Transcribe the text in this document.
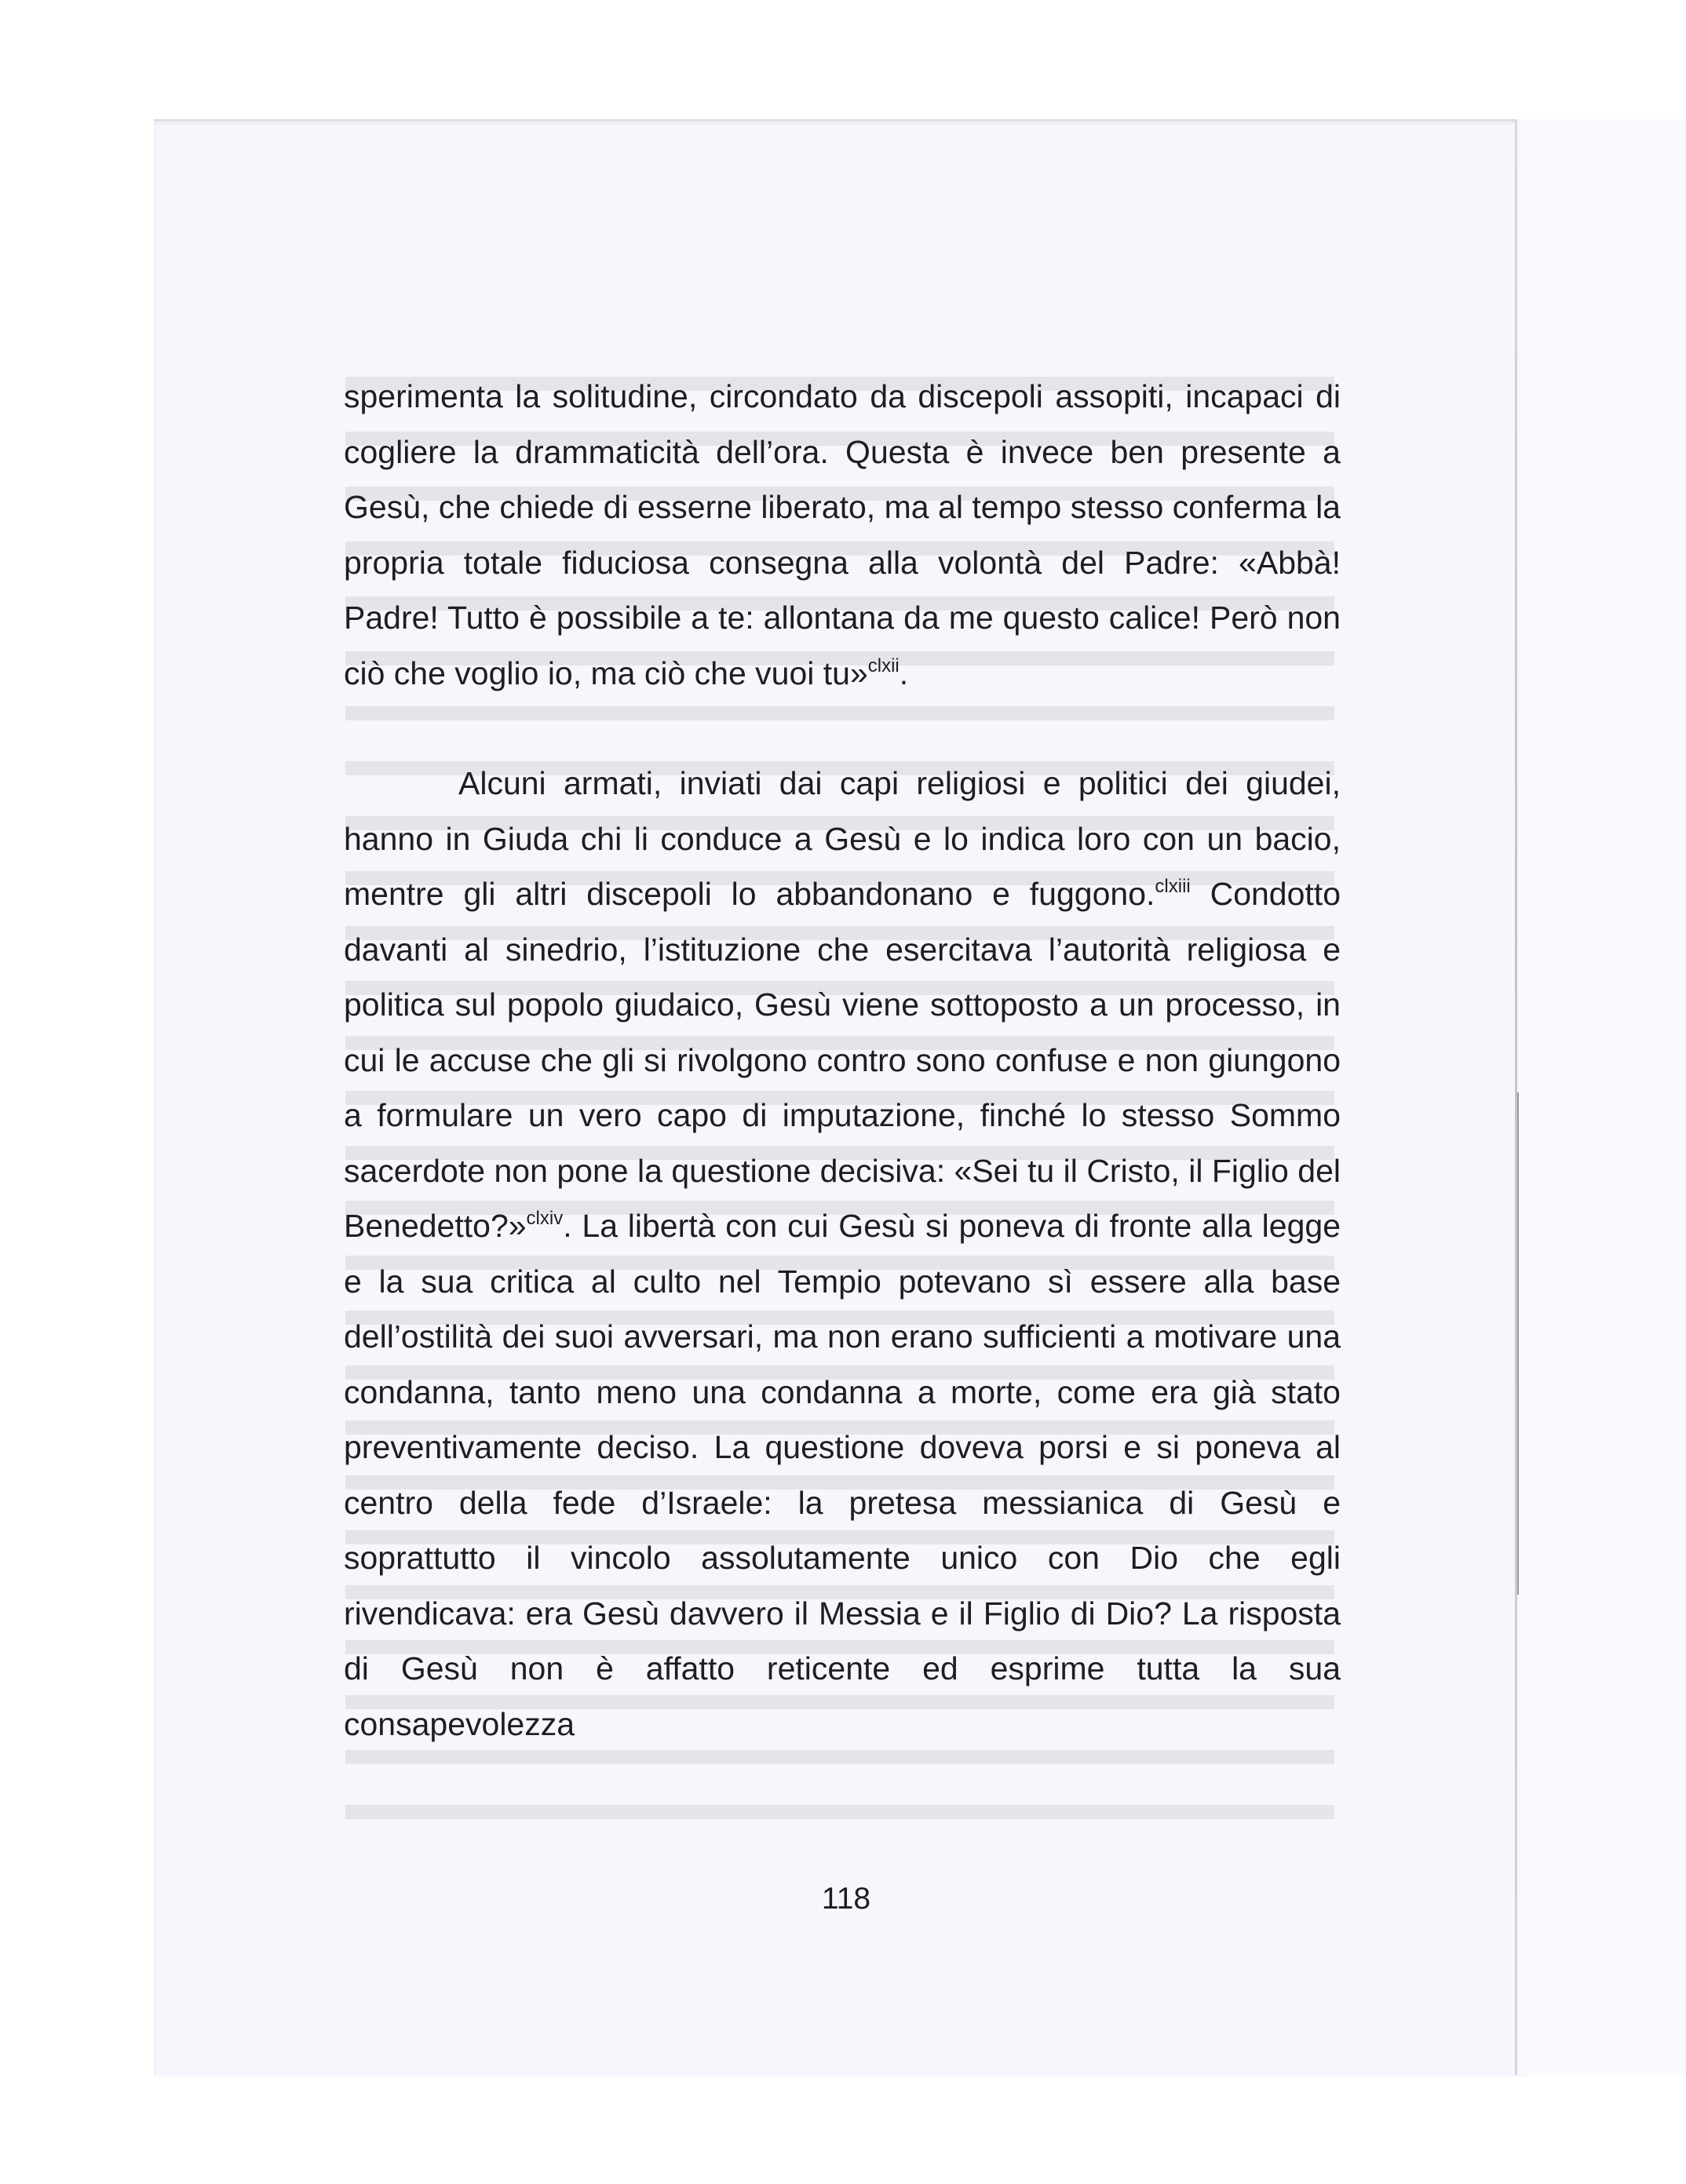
sperimenta la solitudine, circondato da discepoli assopiti, incapaci di cogliere la drammaticità dell’ora. Questa è invece ben presente a Gesù, che chiede di esserne liberato, ma al tempo stesso conferma la propria totale fiduciosa consegna alla volontà del Padre: «Abbà! Padre! Tutto è possibile a te: allontana da me questo calice! Però non ciò che voglio io, ma ciò che vuoi tu»$^{clxii}$.

Alcuni armati, inviati dai capi religiosi e politici dei giudei, hanno in Giuda chi li conduce a Gesù e lo indica loro con un bacio, mentre gli altri discepoli lo abbandonano e fuggono.$^{clxiii}$ Condotto davanti al sinedrio, l’istituzione che esercitava l’autorità religiosa e politica sul popolo giudaico, Gesù viene sottoposto a un processo, in cui le accuse che gli si rivolgono contro sono confuse e non giungono a formulare un vero capo di imputazione, finché lo stesso Sommo sacerdote non pone la questione decisiva: «Sei tu il Cristo, il Figlio del Benedetto?»$^{clxiv}$. La libertà con cui Gesù si poneva di fronte alla legge e la sua critica al culto nel Tempio potevano sì essere alla base dell’ostilità dei suoi avversari, ma non erano sufficienti a motivare una condanna, tanto meno una condanna a morte, come era già stato preventivamente deciso. La questione doveva porsi e si poneva al centro della fede d’Israele: la pretesa messianica di Gesù e soprattutto il vincolo assolutamente unico con Dio che egli rivendicava: era Gesù davvero il Messia e il Figlio di Dio? La risposta di Gesù non è affatto reticente ed esprime tutta la sua consapevolezza

118
